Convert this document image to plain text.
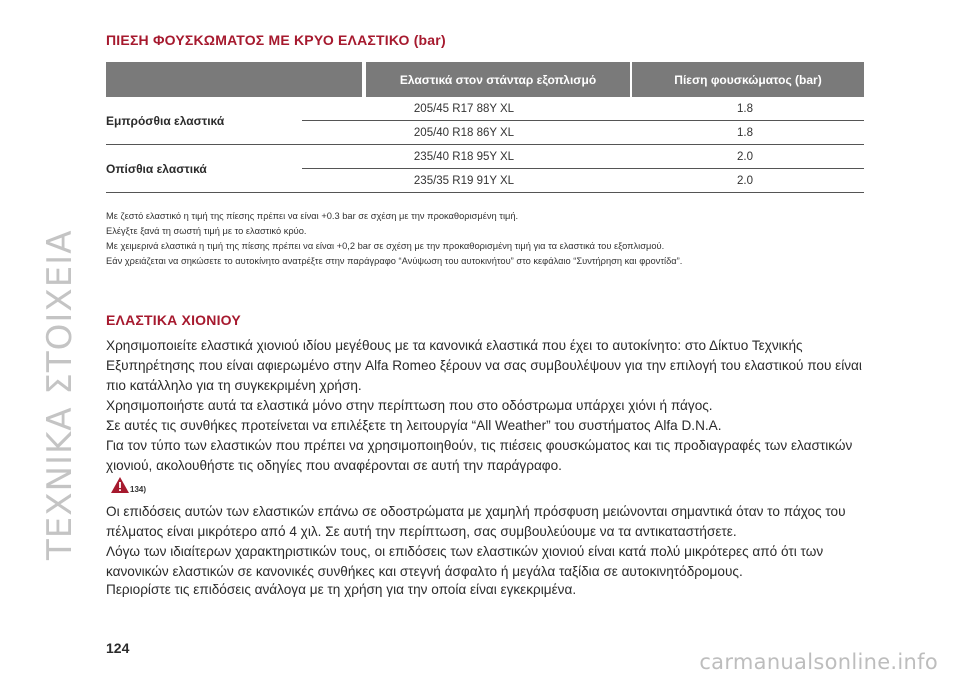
ΤΕΧΝΙΚΑ ΣΤΟΙΧΕΙΑ
ΠΙΕΣΗ ΦΟΥΣΚΩΜΑΤΟΣ ΜΕ ΚΡΥΟ ΕΛΑΣΤΙΚΟ (bar)
Ελαστικά στον στάνταρ εξοπλισμό	Πίεση φουσκώματος (bar)
Εμπρόσθια ελαστικά
205/45 R17 88Y XL	1.8
205/40 R18 86Y XL	1.8
Οπίσθια ελαστικά
235/40 R18 95Y XL	2.0
235/35 R19 91Y XL	2.0
Με ζεστό ελαστικό η τιμή της πίεσης πρέπει να είναι +0.3 bar σε σχέση με την προκαθορισμένη τιμή.
Ελέγξτε ξανά τη σωστή τιμή με το ελαστικό κρύο.
Με χειμερινά ελαστικά η τιμή της πίεσης πρέπει να είναι +0,2 bar σε σχέση με την προκαθορισμένη τιμή για τα ελαστικά του εξοπλισμού.
Εάν χρειάζεται να σηκώσετε το αυτοκίνητο ανατρέξτε στην παράγραφο “Ανύψωση του αυτοκινήτου” στο κεφάλαιο “Συντήρηση και φροντίδα”.
ΕΛΑΣΤΙΚΑ ΧΙΟΝΙΟΥ
Χρησιμοποιείτε ελαστικά χιονιού ιδίου μεγέθους με τα κανονικά ελαστικά που έχει το αυτοκίνητο: στο Δίκτυο Τεχνικής Εξυπηρέτησης που είναι αφιερωμένο στην Alfa Romeo ξέρουν να σας συμβουλέψουν για την επιλογή του ελαστικού που είναι πιο κατάλληλο για τη συγκεκριμένη χρήση.
Χρησιμοποιήστε αυτά τα ελαστικά μόνο στην περίπτωση που στο οδόστρωμα υπάρχει χιόνι ή πάγος.
Σε αυτές τις συνθήκες προτείνεται να επιλέξετε τη λειτουργία “All Weather” του συστήματος Alfa D.N.A.
Για τον τύπο των ελαστικών που πρέπει να χρησιμοποιηθούν, τις πιέσεις φουσκώματος και τις προδιαγραφές των ελαστικών χιονιού, ακολουθήστε τις οδηγίες που αναφέρονται σε αυτή την παράγραφο.
134)
Οι επιδόσεις αυτών των ελαστικών επάνω σε οδοστρώματα με χαμηλή πρόσφυση μειώνονται σημαντικά όταν το πάχος του πέλματος είναι μικρότερο από 4 χιλ. Σε αυτή την περίπτωση, σας συμβουλεύουμε να τα αντικαταστήσετε.
Λόγω των ιδιαίτερων χαρακτηριστικών τους, οι επιδόσεις των ελαστικών χιονιού είναι κατά πολύ μικρότερες από ότι των κανονικών ελαστικών σε κανονικές συνθήκες και στεγνή άσφαλτο ή μεγάλα ταξίδια σε αυτοκινητόδρομους.
Περιορίστε τις επιδόσεις ανάλογα με τη χρήση για την οποία είναι εγκεκριμένα.
124
carmanualsonline.info
